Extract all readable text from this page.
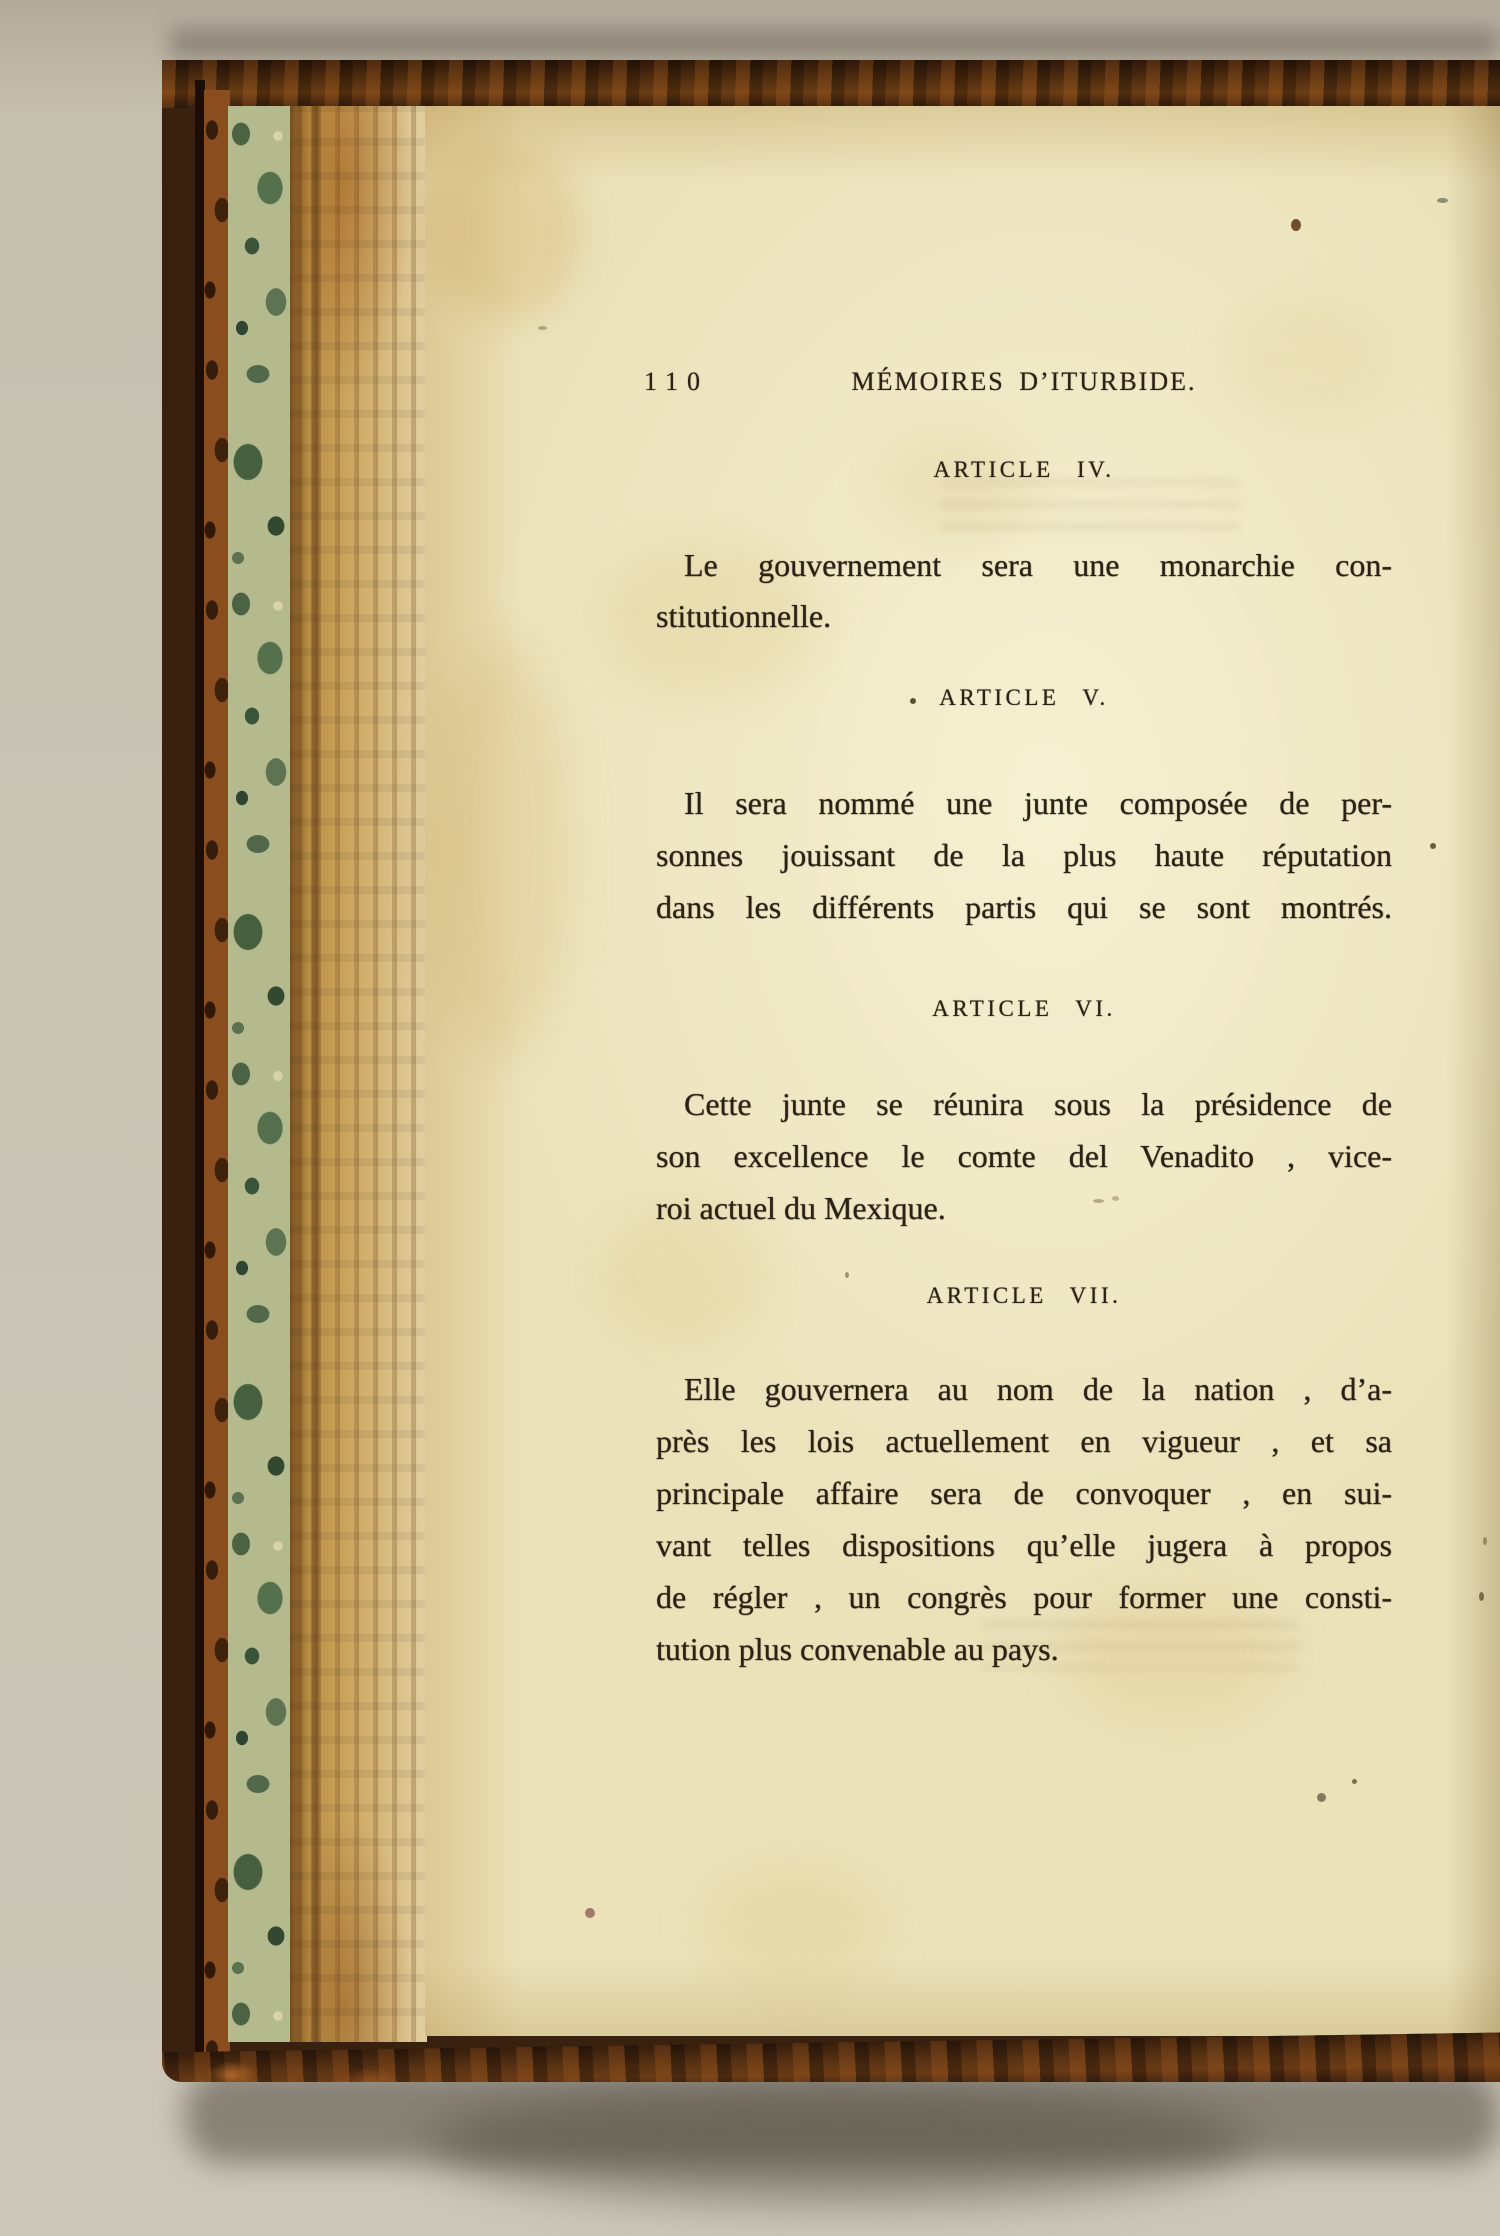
110	MÉMOIRES D’ITURBIDE.
ARTICLE IV.
Le gouvernement sera une monarchie con-
stitutionnelle.
ARTICLE V.
Il sera nommé une junte composée de per-
sonnes jouissant de la plus haute réputation
dans les différents partis qui se sont montrés.
ARTICLE VI.
Cette junte se réunira sous la présidence de
son excellence le comte del Venadito , vice-
roi actuel du Mexique.
ARTICLE VII.
Elle gouvernera au nom de la nation , d’a-
près les lois actuellement en vigueur , et sa
principale affaire sera de convoquer , en sui-
vant telles dispositions qu’elle jugera à propos
de régler , un congrès pour former une consti-
tution plus convenable au pays.
